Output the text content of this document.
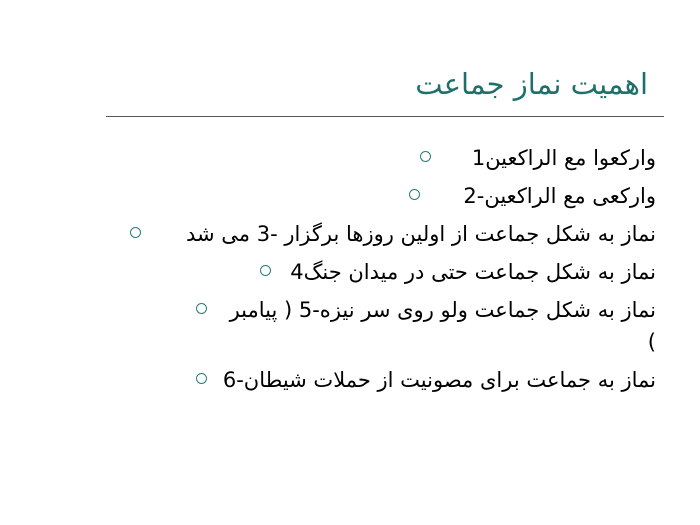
اهمیت نماز جماعت
وارکعوا مع الراکعین1
وارکعی مع الراکعین-2
نماز به شکل جماعت از اولین روزها برگزار -3 می شد
نماز به شکل جماعت حتی در میدان جنگ4
نماز به شکل جماعت ولو روی سر نیزه-5 ( پیامبر )
نماز به جماعت برای مصونیت از حملات شیطان-6
